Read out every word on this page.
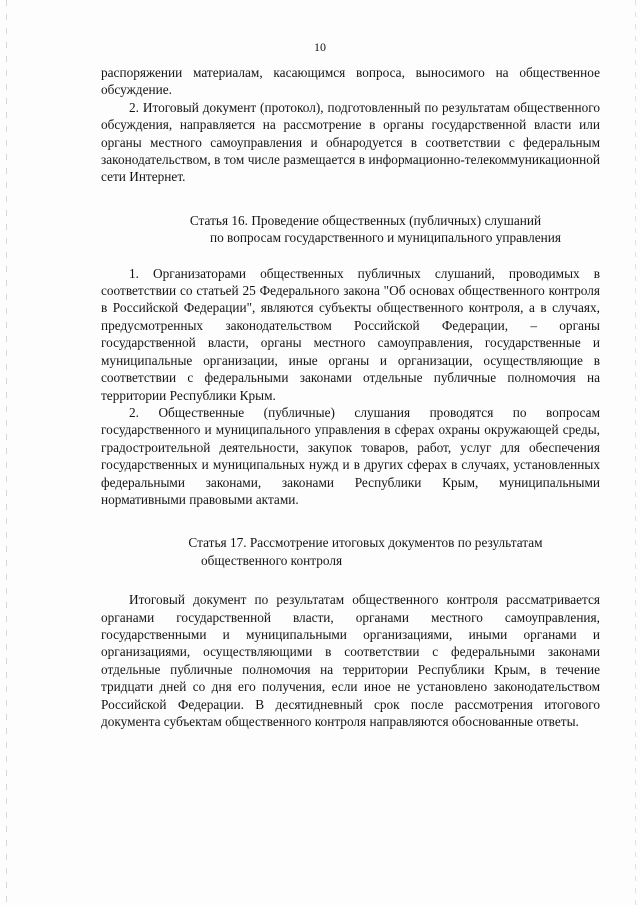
10

распоряжении материалам, касающимся вопроса, выносимого на общественное обсуждение.

2. Итоговый документ (протокол), подготовленный по результатам общественного обсуждения, направляется на рассмотрение в органы государственной власти или органы местного самоуправления и обнародуется в соответствии с федеральным законодательством, в том числе размещается в информационно-телекоммуникационной сети Интернет.

Статья 16. Проведение общественных (публичных) слушаний
по вопросам государственного и муниципального управления

1. Организаторами общественных публичных слушаний, проводимых в соответствии со статьей 25 Федерального закона "Об основах общественного контроля в Российской Федерации", являются субъекты общественного контроля, а в случаях, предусмотренных законодательством Российской Федерации, – органы государственной власти, органы местного самоуправления, государственные и муниципальные организации, иные органы и организации, осуществляющие в соответствии с федеральными законами отдельные публичные полномочия на территории Республики Крым.

2. Общественные (публичные) слушания проводятся по вопросам государственного и муниципального управления в сферах охраны окружающей среды, градостроительной деятельности, закупок товаров, работ, услуг для обеспечения государственных и муниципальных нужд и в других сферах в случаях, установленных федеральными законами, законами Республики Крым, муниципальными нормативными правовыми актами.

Статья 17. Рассмотрение итоговых документов по результатам
общественного контроля

Итоговый документ по результатам общественного контроля рассматривается органами государственной власти, органами местного самоуправления, государственными и муниципальными организациями, иными органами и организациями, осуществляющими в соответствии с федеральными законами отдельные публичные полномочия на территории Республики Крым, в течение тридцати дней со дня его получения, если иное не установлено законодательством Российской Федерации. В десятидневный срок после рассмотрения итогового документа субъектам общественного контроля направляются обоснованные ответы.
